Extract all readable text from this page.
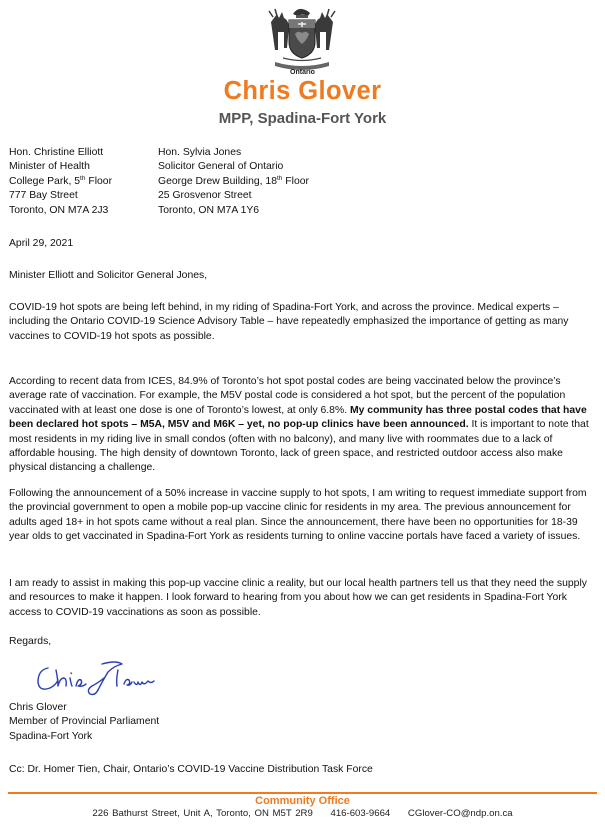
Ontario
Chris Glover
MPP, Spadina-Fort York
Hon. Christine Elliott
Minister of Health
College Park, 5th Floor
777 Bay Street
Toronto, ON M7A 2J3
Hon. Sylvia Jones
Solicitor General of Ontario
George Drew Building, 18th Floor
25 Grosvenor Street
Toronto, ON M7A 1Y6
April 29, 2021
Minister Elliott and Solicitor General Jones,
COVID-19 hot spots are being left behind, in my riding of Spadina-Fort York, and across the province. Medical experts – including the Ontario COVID-19 Science Advisory Table – have repeatedly emphasized the importance of getting as many vaccines to COVID-19 hot spots as possible.
According to recent data from ICES, 84.9% of Toronto’s hot spot postal codes are being vaccinated below the province’s average rate of vaccination. For example, the M5V postal code is considered a hot spot, but the percent of the population vaccinated with at least one dose is one of Toronto’s lowest, at only 6.8%. My community has three postal codes that have been declared hot spots – M5A, M5V and M6K – yet, no pop-up clinics have been announced. It is important to note that most residents in my riding live in small condos (often with no balcony), and many live with roommates due to a lack of affordable housing. The high density of downtown Toronto, lack of green space, and restricted outdoor access also make physical distancing a challenge.
Following the announcement of a 50% increase in vaccine supply to hot spots, I am writing to request immediate support from the provincial government to open a mobile pop-up vaccine clinic for residents in my area. The previous announcement for adults aged 18+ in hot spots came without a real plan. Since the announcement, there have been no opportunities for 18-39 year olds to get vaccinated in Spadina-Fort York as residents turning to online vaccine portals have faced a variety of issues.
I am ready to assist in making this pop-up vaccine clinic a reality, but our local health partners tell us that they need the supply and resources to make it happen. I look forward to hearing from you about how we can get residents in Spadina-Fort York access to COVID-19 vaccinations as soon as possible.
Regards,
Chris Glover
Member of Provincial Parliament
Spadina-Fort York
Cc: Dr. Homer Tien, Chair, Ontario’s COVID-19 Vaccine Distribution Task Force
Community Office
226 Bathurst Street, Unit A, Toronto, ON M5T 2R9 416-603-9664 CGlover-CO@ndp.on.ca
